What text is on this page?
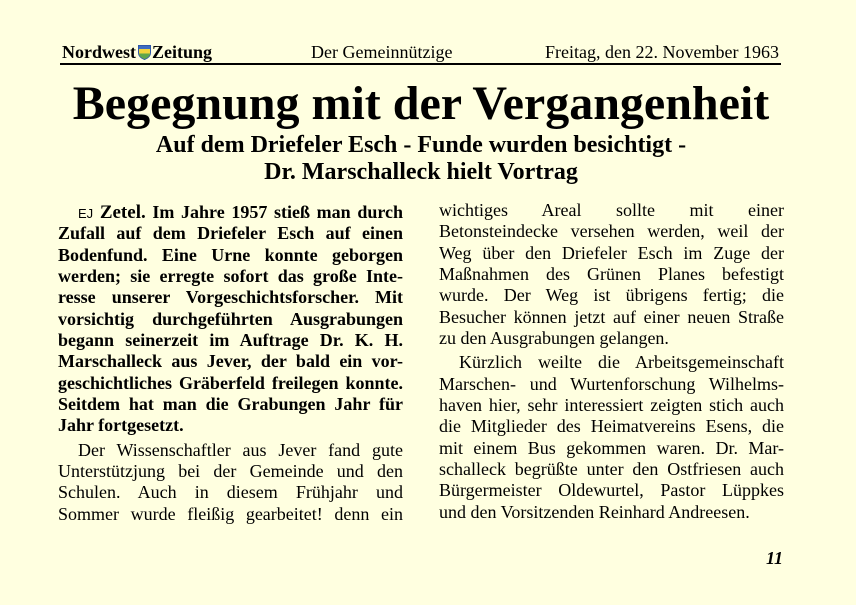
Nordwest Zeitung	Der Gemeinnützige	Freitag, den 22. November 1963
Begegnung mit der Vergangenheit
Auf dem Driefeler Esch - Funde wurden besichtigt -
Dr. Marschalleck hielt Vortrag
EJ Zetel. Im Jahre 1957 stieß man durch
Zufall auf dem Driefeler Esch auf einen
Bodenfund. Eine Urne konnte geborgen
werden; sie erregte sofort das große Inte-
resse unserer Vorgeschichtsforscher. Mit
vorsichtig durchgeführten Ausgrabungen
begann seinerzeit im Auftrage Dr. K. H.
Marschalleck aus Jever, der bald ein vor-
geschichtliches Gräberfeld freilegen konnte.
Seitdem hat man die Grabungen Jahr für
Jahr fortgesetzt.
Der Wissenschaftler aus Jever fand gute
Unterstützjung bei der Gemeinde und den
Schulen. Auch in diesem Frühjahr und
Sommer wurde fleißig gearbeitet! denn ein
wichtiges Areal sollte mit einer
Betonsteindecke versehen werden, weil der
Weg über den Driefeler Esch im Zuge der
Maßnahmen des Grünen Planes befestigt
wurde. Der Weg ist übrigens fertig; die
Besucher können jetzt auf einer neuen Straße
zu den Ausgrabungen gelangen.
Kürzlich weilte die Arbeitsgemeinschaft
Marschen- und Wurtenforschung Wilhelms-
haven hier, sehr interessiert zeigten stich auch
die Mitglieder des Heimatvereins Esens, die
mit einem Bus gekommen waren. Dr. Mar-
schalleck begrüßte unter den Ostfriesen auch
Bürgermeister Oldewurtel, Pastor Lüppkes
und den Vorsitzenden Reinhard Andreesen.
11
